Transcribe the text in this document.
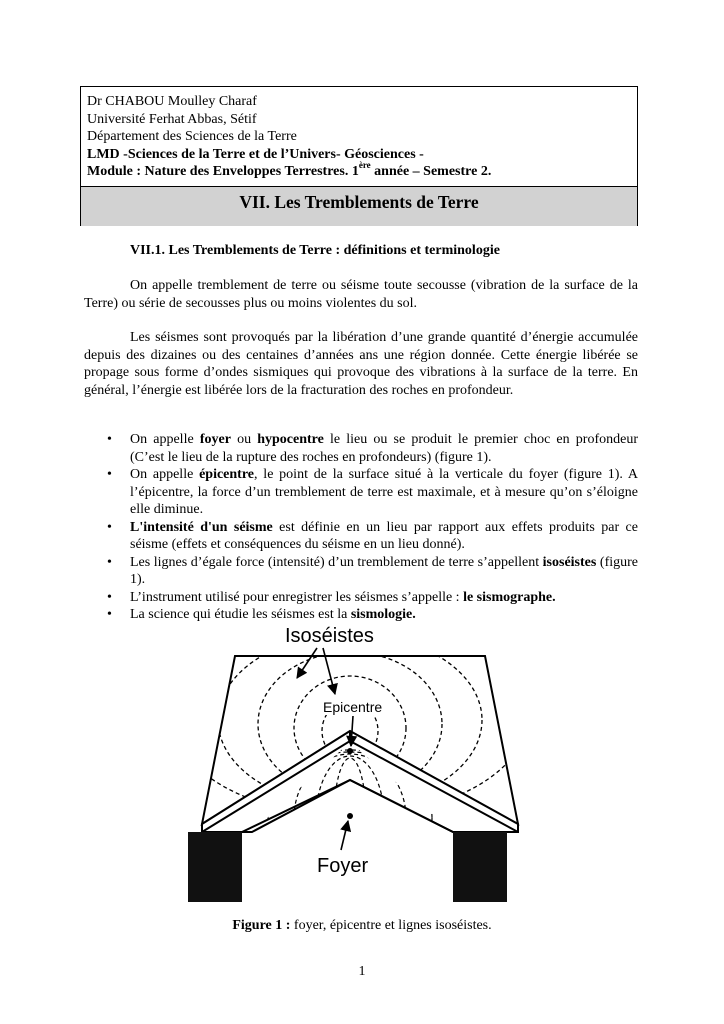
Dr CHABOU Moulley Charaf
Université Ferhat Abbas, Sétif
Département des Sciences de la Terre
LMD -Sciences de la Terre et de l’Univers- Géosciences -
Module : Nature des Enveloppes Terrestres. 1ère année – Semestre 2.
VII. Les Tremblements de Terre
VII.1. Les Tremblements de Terre : définitions et terminologie
On appelle tremblement de terre ou séisme toute secousse (vibration de la surface de la Terre) ou série de secousses plus ou moins violentes du sol.
Les séismes sont provoqués par la libération d’une grande quantité d’énergie accumulée depuis des dizaines ou des centaines d’années ans une région donnée. Cette énergie libérée se propage sous forme d’ondes sismiques qui provoque des vibrations à la surface de la terre. En général, l’énergie est libérée lors de la fracturation des roches en profondeur.
• On appelle foyer ou hypocentre le lieu ou se produit le premier choc en profondeur (C’est le lieu de la rupture des roches en profondeurs) (figure 1).
• On appelle épicentre, le point de la surface situé à la verticale du foyer (figure 1). A l’épicentre, la force d’un tremblement de terre est maximale, et à mesure qu’on s’éloigne elle diminue.
• L'intensité d'un séisme est définie en un lieu par rapport aux effets produits par ce séisme (effets et conséquences du séisme en un lieu donné).
• Les lignes d’égale force (intensité) d’un tremblement de terre s’appellent isoséistes (figure 1).
• L’instrument utilisé pour enregistrer les séismes s’appelle : le sismographe.
• La science qui étudie les séismes est la sismologie.
Isoséistes
Epicentre
Foyer
Figure 1 : foyer, épicentre et lignes isoséistes.
1
